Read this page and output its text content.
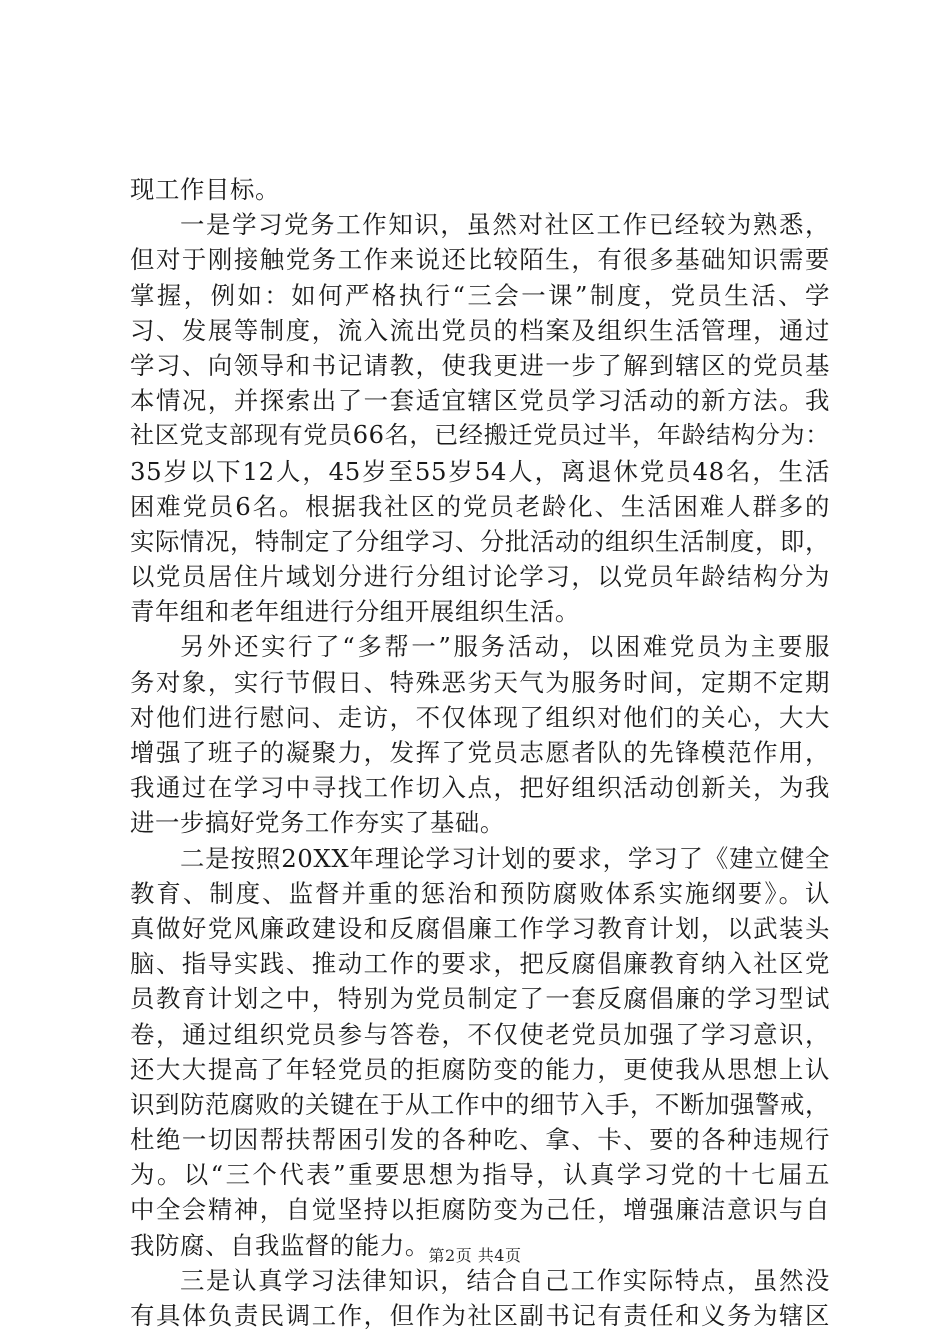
现工作目标。
一是学习党务工作知识，虽然对社区工作已经较为熟悉，
但对于刚接触党务工作来说还比较陌生，有很多基础知识需要
掌握，例如：如何严格执行“三会一课”制度，党员生活、学
习、发展等制度，流入流出党员的档案及组织生活管理，通过
学习、向领导和书记请教，使我更进一步了解到辖区的党员基
本情况，并探索出了一套适宜辖区党员学习活动的新方法。我
社区党支部现有党员66名，已经搬迁党员过半，年龄结构分为：
35岁以下12人，45岁至55岁54人，离退休党员48名，生活
困难党员6名。根据我社区的党员老龄化、生活困难人群多的
实际情况，特制定了分组学习、分批活动的组织生活制度，即，
以党员居住片域划分进行分组讨论学习，以党员年龄结构分为
青年组和老年组进行分组开展组织生活。
另外还实行了“多帮一”服务活动，以困难党员为主要服
务对象，实行节假日、特殊恶劣天气为服务时间，定期不定期
对他们进行慰问、走访，不仅体现了组织对他们的关心，大大
增强了班子的凝聚力，发挥了党员志愿者队的先锋模范作用，
我通过在学习中寻找工作切入点，把好组织活动创新关，为我
进一步搞好党务工作夯实了基础。
二是按照20XX年理论学习计划的要求，学习了《建立健全
教育、制度、监督并重的惩治和预防腐败体系实施纲要》。认
真做好党风廉政建设和反腐倡廉工作学习教育计划，以武装头
脑、指导实践、推动工作的要求，把反腐倡廉教育纳入社区党
员教育计划之中，特别为党员制定了一套反腐倡廉的学习型试
卷，通过组织党员参与答卷，不仅使老党员加强了学习意识，
还大大提高了年轻党员的拒腐防变的能力，更使我从思想上认
识到防范腐败的关键在于从工作中的细节入手，不断加强警戒，
杜绝一切因帮扶帮困引发的各种吃、拿、卡、要的各种违规行
为。以“三个代表”重要思想为指导，认真学习党的十七届五
中全会精神，自觉坚持以拒腐防变为己任，增强廉洁意识与自
我防腐、自我监督的能力。
三是认真学习法律知识，结合自己工作实际特点，虽然没
有具体负责民调工作，但作为社区副书记有责任和义务为辖区
第2页 共4页
